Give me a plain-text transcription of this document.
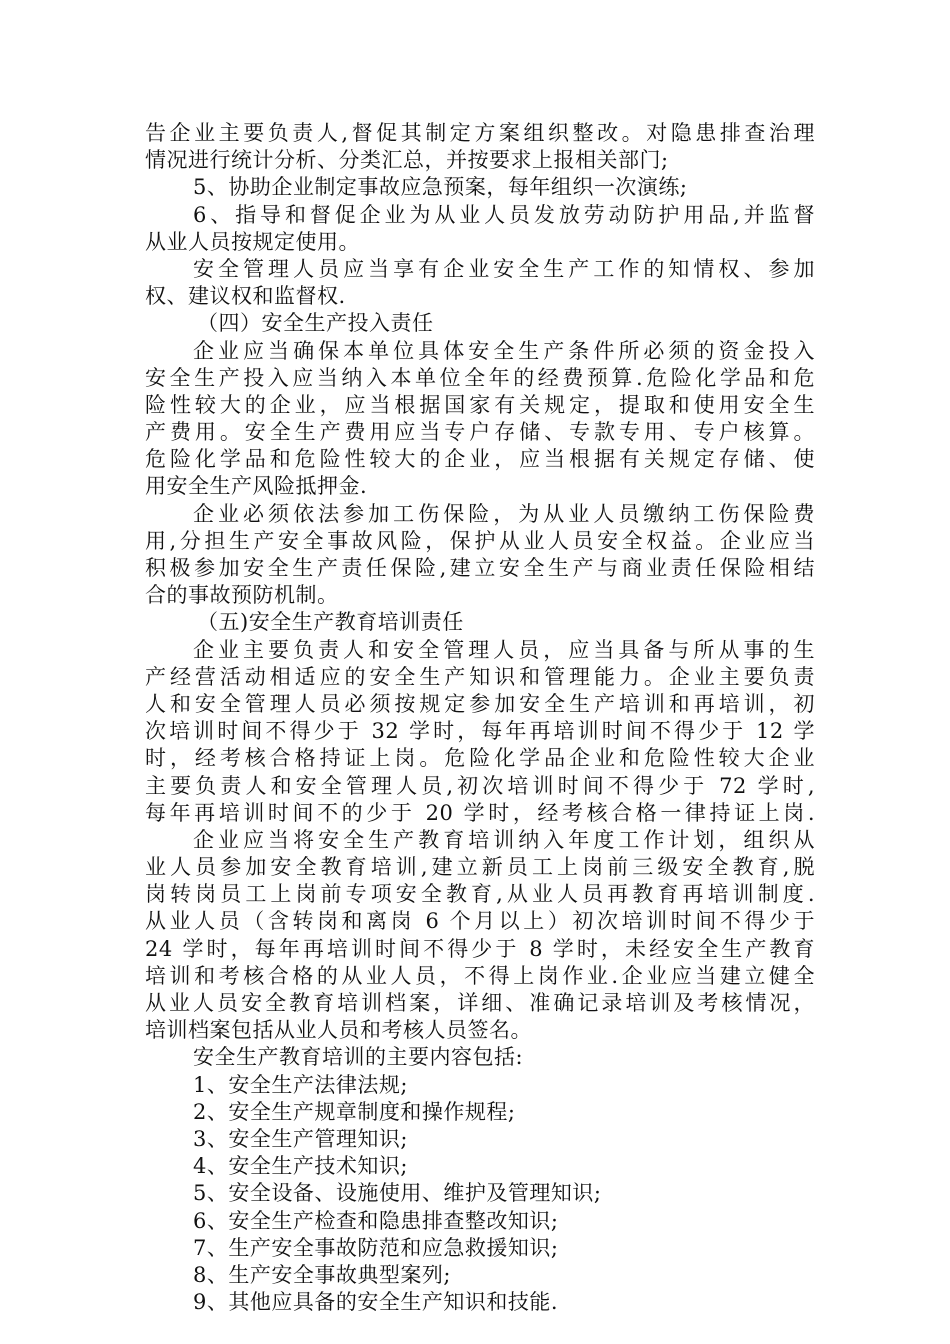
告企业主要负责人,督促其制定方案组织整改。对隐患排查治理
情况进行统计分析、分类汇总，并按要求上报相关部门;
5、协助企业制定事故应急预案，每年组织一次演练;
6、指导和督促企业为从业人员发放劳动防护用品,并监督
从业人员按规定使用。
安全管理人员应当享有企业安全生产工作的知情权、参加
权、建议权和监督权.
（四）安全生产投入责任
企业应当确保本单位具体安全生产条件所必须的资金投入
安全生产投入应当纳入本单位全年的经费预算.危险化学品和危
险性较大的企业，应当根据国家有关规定，提取和使用安全生
产费用。安全生产费用应当专户存储、专款专用、专户核算。
危险化学品和危险性较大的企业，应当根据有关规定存储、使
用安全生产风险抵押金.
企业必须依法参加工伤保险，为从业人员缴纳工伤保险费
用,分担生产安全事故风险，保护从业人员安全权益。企业应当
积极参加安全生产责任保险,建立安全生产与商业责任保险相结
合的事故预防机制。
（五)安全生产教育培训责任
企业主要负责人和安全管理人员，应当具备与所从事的生
产经营活动相适应的安全生产知识和管理能力。企业主要负责
人和安全管理人员必须按规定参加安全生产培训和再培训，初
次培训时间不得少于 32 学时，每年再培训时间不得少于 12 学
时，经考核合格持证上岗。危险化学品企业和危险性较大企业
主要负责人和安全管理人员,初次培训时间不得少于 72 学时,
每年再培训时间不的少于 20 学时，经考核合格一律持证上岗.
企业应当将安全生产教育培训纳入年度工作计划，组织从
业人员参加安全教育培训,建立新员工上岗前三级安全教育,脱
岗转岗员工上岗前专项安全教育,从业人员再教育再培训制度.
从业人员（含转岗和离岗 6 个月以上）初次培训时间不得少于
24 学时，每年再培训时间不得少于 8 学时，未经安全生产教育
培训和考核合格的从业人员，不得上岗作业.企业应当建立健全
从业人员安全教育培训档案，详细、准确记录培训及考核情况，
培训档案包括从业人员和考核人员签名。
安全生产教育培训的主要内容包括:
1、安全生产法律法规;
2、安全生产规章制度和操作规程;
3、安全生产管理知识;
4、安全生产技术知识;
5、安全设备、设施使用、维护及管理知识;
6、安全生产检查和隐患排查整改知识;
7、生产安全事故防范和应急救援知识;
8、生产安全事故典型案列;
9、其他应具备的安全生产知识和技能.
